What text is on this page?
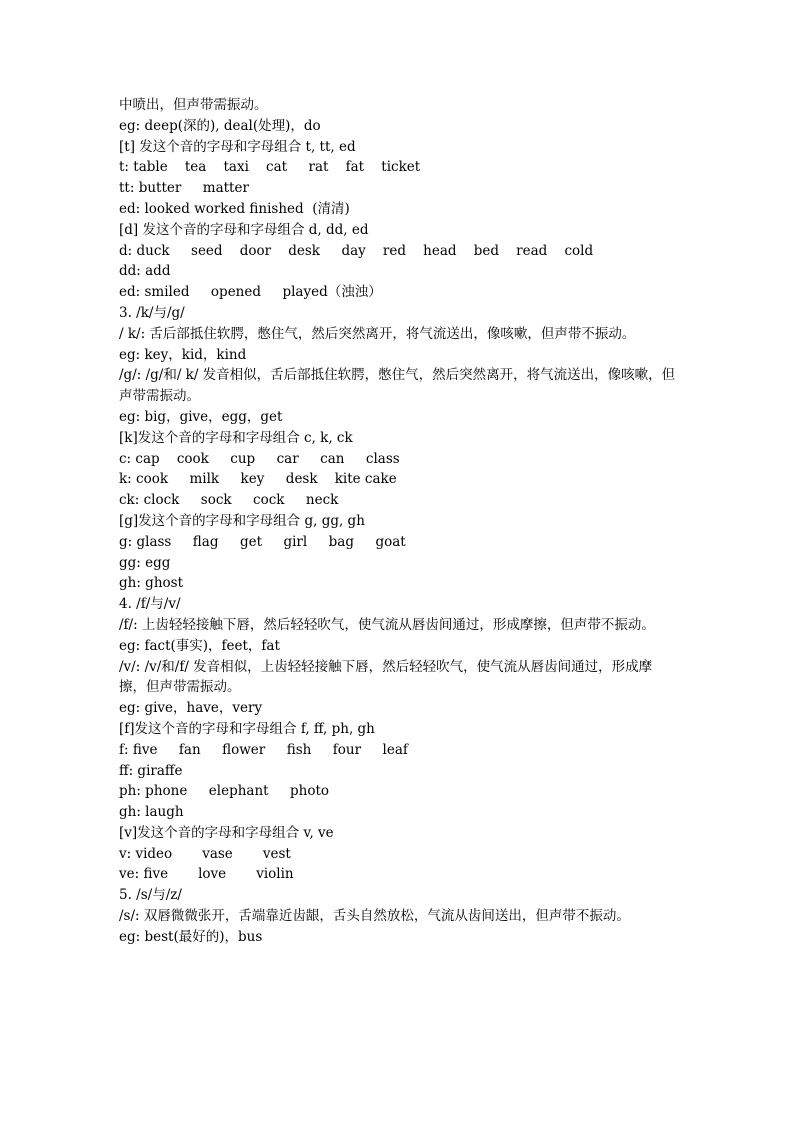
中喷出，但声带需振动。
eg: deep(深的), deal(处理)，do
[t] 发这个音的字母和字母组合 t, tt, ed
t: table    tea    taxi    cat     rat    fat    ticket
tt: butter     matter
ed: looked worked finished  (清清)
[d] 发这个音的字母和字母组合 d, dd, ed
d: duck     seed    door    desk     day    red    head    bed    read    cold
dd: add
ed: smiled     opened     played（浊浊）
3. /k/与/g/
/ k/: 舌后部抵住软腭，憋住气，然后突然离开，将气流送出，像咳嗽，但声带不振动。
eg: key，kid，kind
/g/: /g/和/ k/ 发音相似，舌后部抵住软腭，憋住气，然后突然离开，将气流送出，像咳嗽，但声带需振动。
eg: big，give，egg，get
[k]发这个音的字母和字母组合 c, k, ck
c: cap    cook     cup     car     can     class
k: cook     milk     key     desk    kite cake
ck: clock     sock     cock     neck
[g]发这个音的字母和字母组合 g, gg, gh
g: glass     flag     get     girl     bag     goat
gg: egg
gh: ghost
4. /f/与/v/
/f/: 上齿轻轻接触下唇，然后轻轻吹气，使气流从唇齿间通过，形成摩擦，但声带不振动。
eg: fact(事实)，feet，fat
/v/: /v/和/f/ 发音相似，上齿轻轻接触下唇，然后轻轻吹气，使气流从唇齿间通过，形成摩擦，但声带需振动。
eg: give，have，very
[f]发这个音的字母和字母组合 f, ff, ph, gh
f: five     fan     flower     fish     four     leaf
ff: giraffe
ph: phone     elephant     photo
gh: laugh
[v]发这个音的字母和字母组合 v, ve
v: video       vase       vest
ve: five       love       violin
5. /s/与/z/
/s/: 双唇微微张开，舌端靠近齿龈，舌头自然放松，气流从齿间送出，但声带不振动。
eg: best(最好的)，bus
